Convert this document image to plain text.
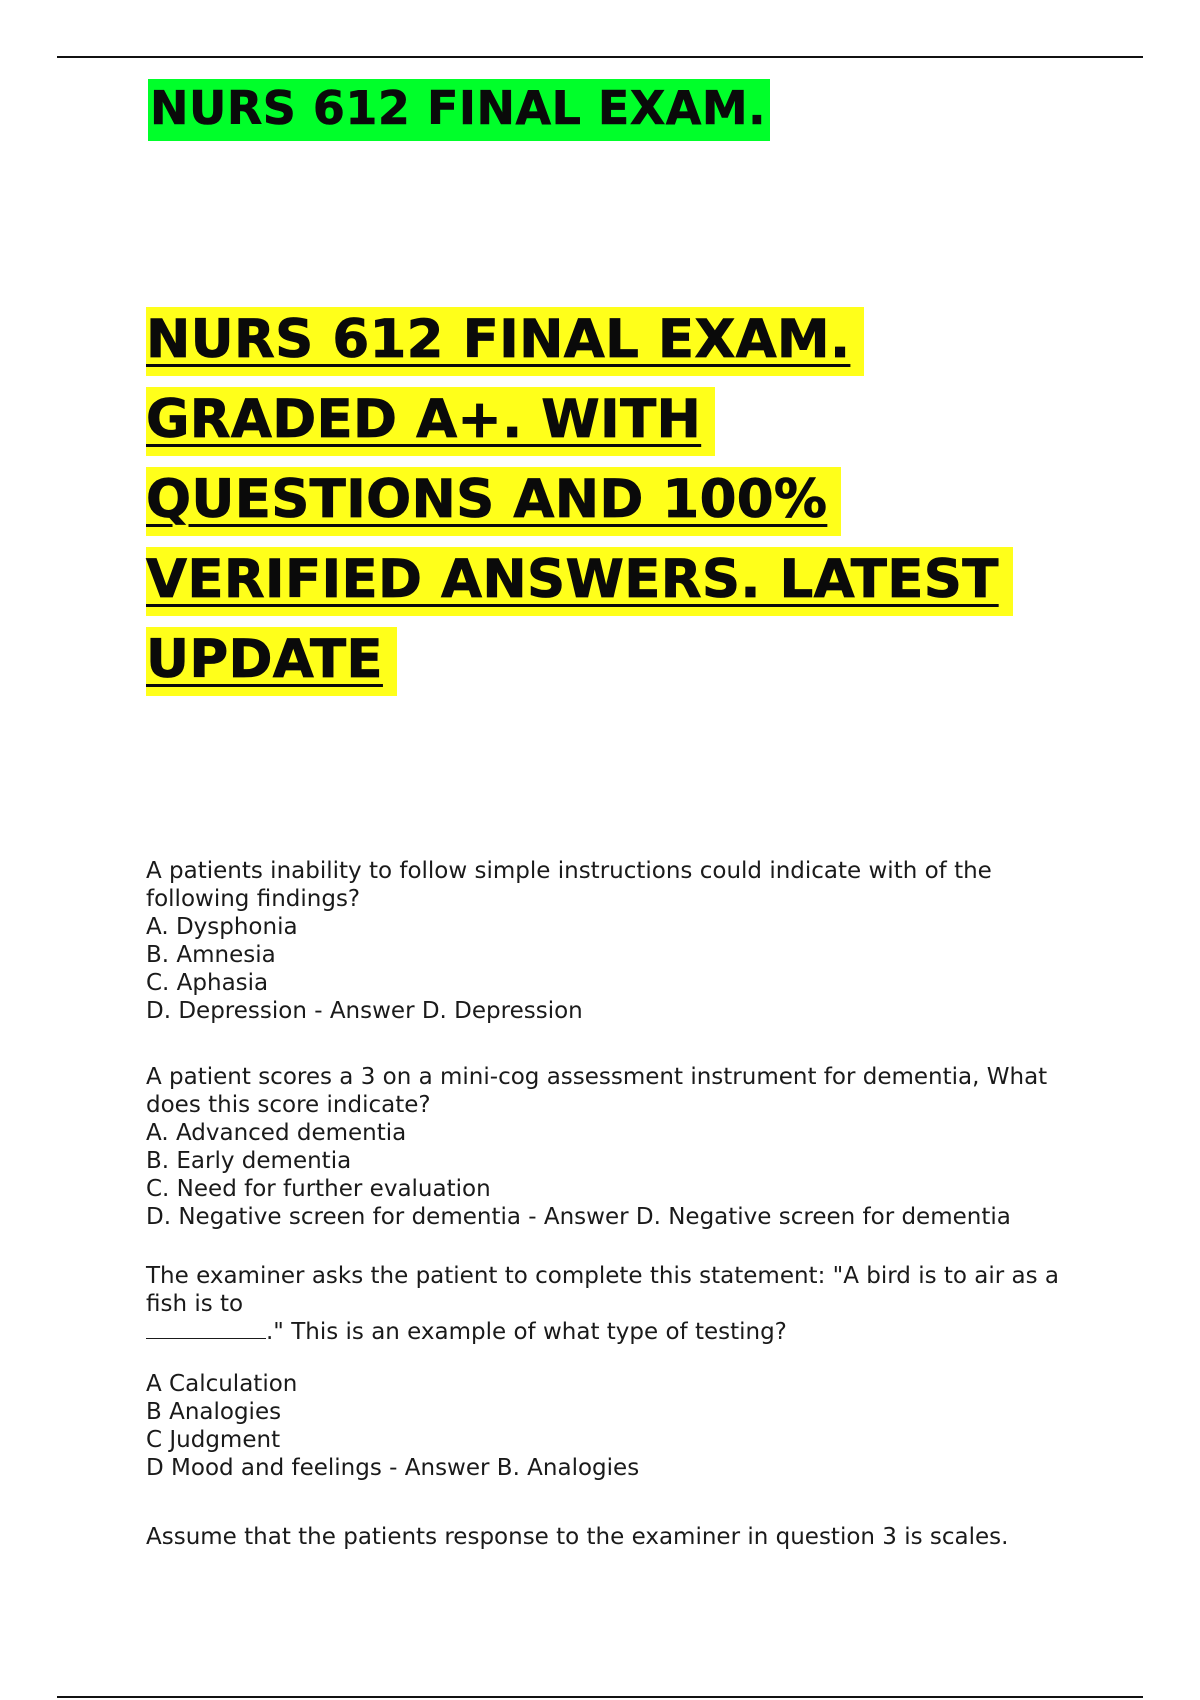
NURS 612 FINAL EXAM.
NURS 612 FINAL EXAM.
GRADED A+. WITH
QUESTIONS AND 100%
VERIFIED ANSWERS. LATEST
UPDATE

A patients inability to follow simple instructions could indicate with of the
following findings?

A. Dysphonia
B. Amnesia
C. Aphasia
D. Depression - Answer D. Depression

A patient scores a 3 on a mini-cog assessment instrument for dementia, What
does this score indicate?

A. Advanced dementia
B. Early dementia
C. Need for further evaluation
D. Negative screen for dementia - Answer D. Negative screen for dementia

The examiner asks the patient to complete this statement: "A bird is to air as a
fish is to
." This is an example of what type of testing?

A Calculation
B Analogies
C Judgment
D Mood and feelings - Answer B. Analogies

Assume that the patients response to the examiner in question 3 is scales.
